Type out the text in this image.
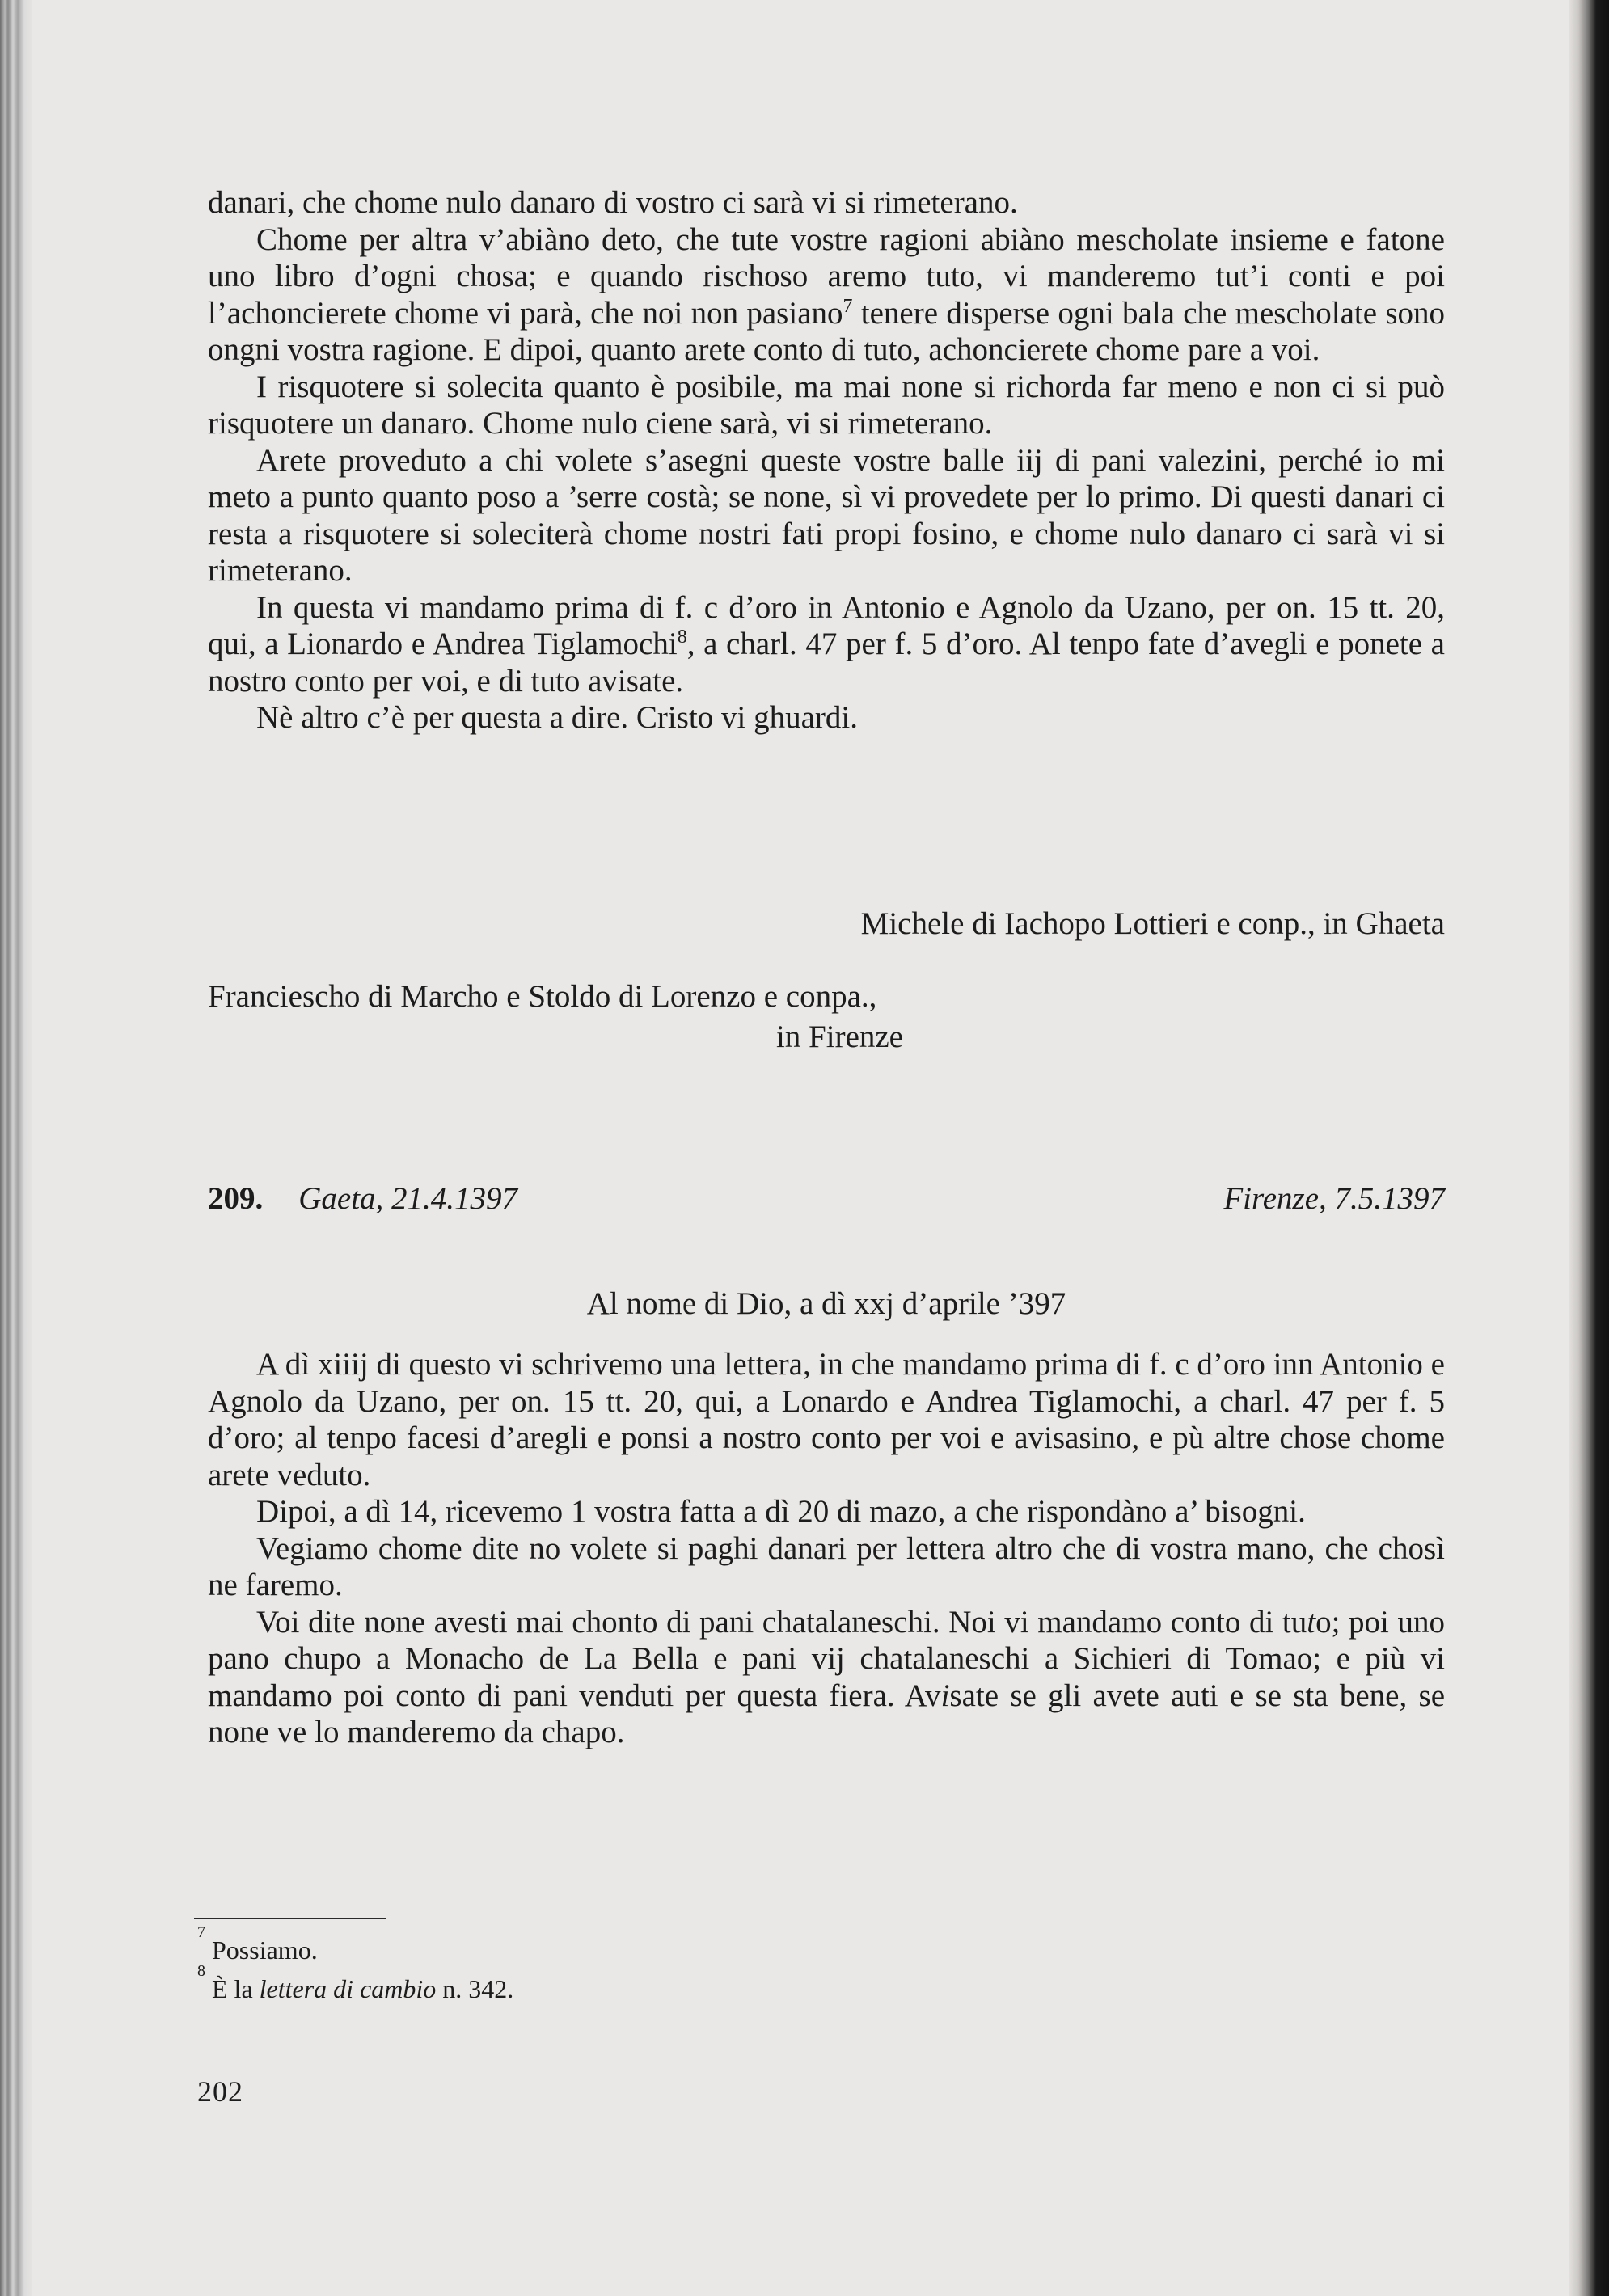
danari, che chome nulo danaro di vostro ci sarà vi si rimeterano.

Chome per altra v’abiàno deto, che tute vostre ragioni abiàno mescholate insieme e fatone uno libro d’ogni chosa; e quando rischoso aremo tuto, vi manderemo tut’i conti e poi l’achoncierete chome vi parà, che noi non pasiano$^7$ tenere disperse ogni bala che mescholate sono ongni vostra ragione. E dipoi, quanto arete conto di tuto, achoncierete chome pare a voi.

I risquotere si solecita quanto è posibile, ma mai none si richorda far meno e non ci si può risquotere un danaro. Chome nulo ciene sarà, vi si rimeterano.

Arete proveduto a chi volete s’asegni queste vostre balle iij di pani valezini, perché io mi meto a punto quanto poso a ’serre costà; se none, sì vi provedete per lo primo. Di questi danari ci resta a risquotere si soleciterà chome nostri fati propi fosino, e chome nulo danaro ci sarà vi si rimeterano.

In questa vi mandamo prima di f. c d’oro in Antonio e Agnolo da Uzano, per on. 15 tt. 20, qui, a Lionardo e Andrea Tiglamochi$^8$, a charl. 47 per f. 5 d’oro. Al tenpo fate d’avegli e ponete a nostro conto per voi, e di tuto avisate.

Nè altro c’è per questa a dire. Cristo vi ghuardi.

Michele di Iachopo Lottieri e conp., in Ghaeta
Franciescho di Marcho e Stoldo di Lorenzo e conpa.,
in Firenze
209. Gaeta, 21.4.1397	Firenze, 7.5.1397
Al nome di Dio, a dì xxj d’aprile ’397

A dì xiiij di questo vi schrivemo una lettera, in che mandamo prima di f. c d’oro inn Antonio e Agnolo da Uzano, per on. 15 tt. 20, qui, a Lonardo e Andrea Tiglamochi, a charl. 47 per f. 5 d’oro; al tenpo facesi d’aregli e ponsi a nostro conto per voi e avisasino, e pù altre chose chome arete veduto.

Dipoi, a dì 14, ricevemo 1 vostra fatta a dì 20 di mazo, a che rispondàno a’ bisogni.

Vegiamo chome dite no volete si paghi danari per lettera altro che di vostra mano, che chosì ne faremo.

Voi dite none avesti mai chonto di pani chatalaneschi. Noi vi mandamo conto di tuto; poi uno pano chupo a Monacho de La Bella e pani vij chatalaneschi a Sichieri di Tomao; e più vi mandamo poi conto di pani venduti per questa fiera. Avisate se gli avete auti e se sta bene, se none ve lo manderemo da chapo.

$^7$ Possiamo.
$^8$ È la lettera di cambio n. 342.
202
